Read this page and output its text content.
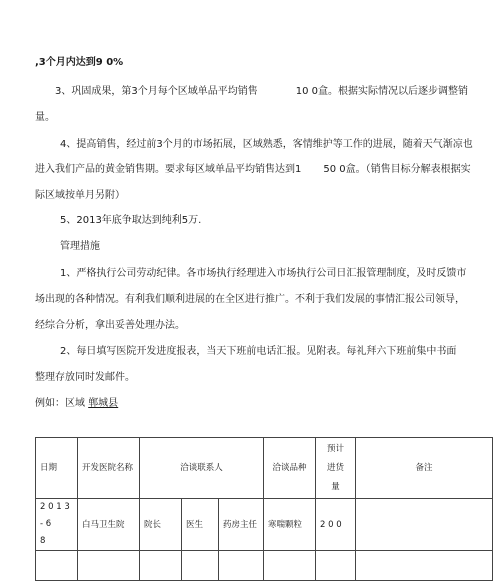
,3个月内达到9 0%
3、巩固成果，第3个月每个区域单品平均销售	10 0盒。根据实际情况以后逐步调整销
量。
4、提高销售，经过前3个月的市场拓展，区域熟悉，客情维护等工作的进展，随着天气渐凉也
进入我们产品的黄金销售期。要求每区域单品平均销售达到1 50 0盒。（销售目标分解表根据实
际区域按单月另附）
5、2013年底争取达到纯利5万.
管理措施
1、严格执行公司劳动纪律。各市场执行经理进入市场执行公司日汇报管理制度，及时反馈市
场出现的各种情况。有利我们顺利进展的在全区进行推广。不利于我们发展的事情汇报公司领导，
经综合分析，拿出妥善处理办法。
2、每日填写医院开发进度报表，当天下班前电话汇报。见附表。每礼拜六下班前集中书面
整理存放同时发邮件。
例如：区域 郸城县
日期	开发医院名称	洽谈联系人			洽谈品种	预计
进货
量	备注

2 0 1 3 - 6
8	白马卫生院	院长	医生	药房主任	寒喘颗粒	2 0 0	
